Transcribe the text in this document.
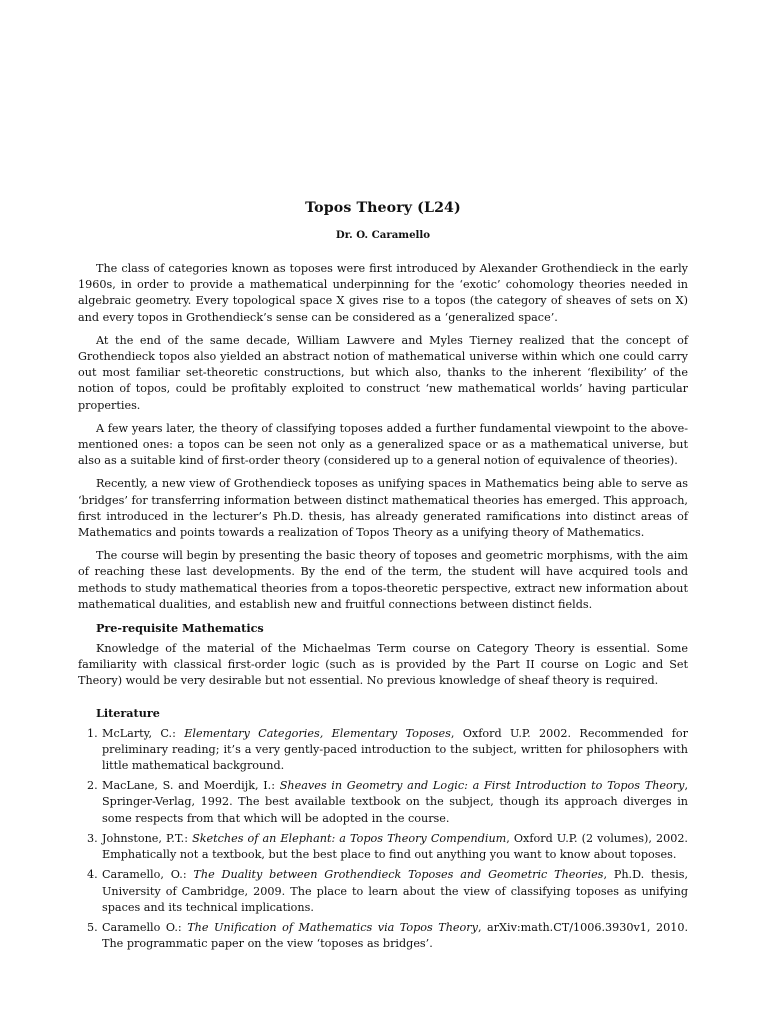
Topos Theory (L24)
Dr. O. Caramello

The class of categories known as toposes were first introduced by Alexander Grothendieck in the early 1960s, in order to provide a mathematical underpinning for the ‘exotic’ cohomology theories needed in algebraic geometry. Every topological space X gives rise to a topos (the category of sheaves of sets on X) and every topos in Grothendieck’s sense can be considered as a ‘generalized space’.

At the end of the same decade, William Lawvere and Myles Tierney realized that the concept of Grothendieck topos also yielded an abstract notion of mathematical universe within which one could carry out most familiar set-theoretic constructions, but which also, thanks to the inherent ‘flexibility’ of the notion of topos, could be profitably exploited to construct ‘new mathematical worlds’ having particular properties.

A few years later, the theory of classifying toposes added a further fundamental viewpoint to the above-mentioned ones: a topos can be seen not only as a generalized space or as a mathematical universe, but also as a suitable kind of first-order theory (considered up to a general notion of equivalence of theories).

Recently, a new view of Grothendieck toposes as unifying spaces in Mathematics being able to serve as ‘bridges’ for transferring information between distinct mathematical theories has emerged. This approach, first introduced in the lecturer’s Ph.D. thesis, has already generated ramifications into distinct areas of Mathematics and points towards a realization of Topos Theory as a unifying theory of Mathematics.

The course will begin by presenting the basic theory of toposes and geometric morphisms, with the aim of reaching these last developments. By the end of the term, the student will have acquired tools and methods to study mathematical theories from a topos-theoretic perspective, extract new information about mathematical dualities, and establish new and fruitful connections between distinct fields.

Pre-requisite Mathematics

Knowledge of the material of the Michaelmas Term course on Category Theory is essential. Some familiarity with classical first-order logic (such as is provided by the Part II course on Logic and Set Theory) would be very desirable but not essential. No previous knowledge of sheaf theory is required.

Literature
1. McLarty, C.: Elementary Categories, Elementary Toposes, Oxford U.P. 2002. Recommended for preliminary reading; it’s a very gently-paced introduction to the subject, written for philosophers with little mathematical background.
2. MacLane, S. and Moerdijk, I.: Sheaves in Geometry and Logic: a First Introduction to Topos Theory, Springer-Verlag, 1992. The best available textbook on the subject, though its approach diverges in some respects from that which will be adopted in the course.
3. Johnstone, P.T.: Sketches of an Elephant: a Topos Theory Compendium, Oxford U.P. (2 volumes), 2002. Emphatically not a textbook, but the best place to find out anything you want to know about toposes.
4. Caramello, O.: The Duality between Grothendieck Toposes and Geometric Theories, Ph.D. thesis, University of Cambridge, 2009. The place to learn about the view of classifying toposes as unifying spaces and its technical implications.
5. Caramello O.: The Unification of Mathematics via Topos Theory, arXiv:math.CT/1006.3930v1, 2010. The programmatic paper on the view ‘toposes as bridges’.
